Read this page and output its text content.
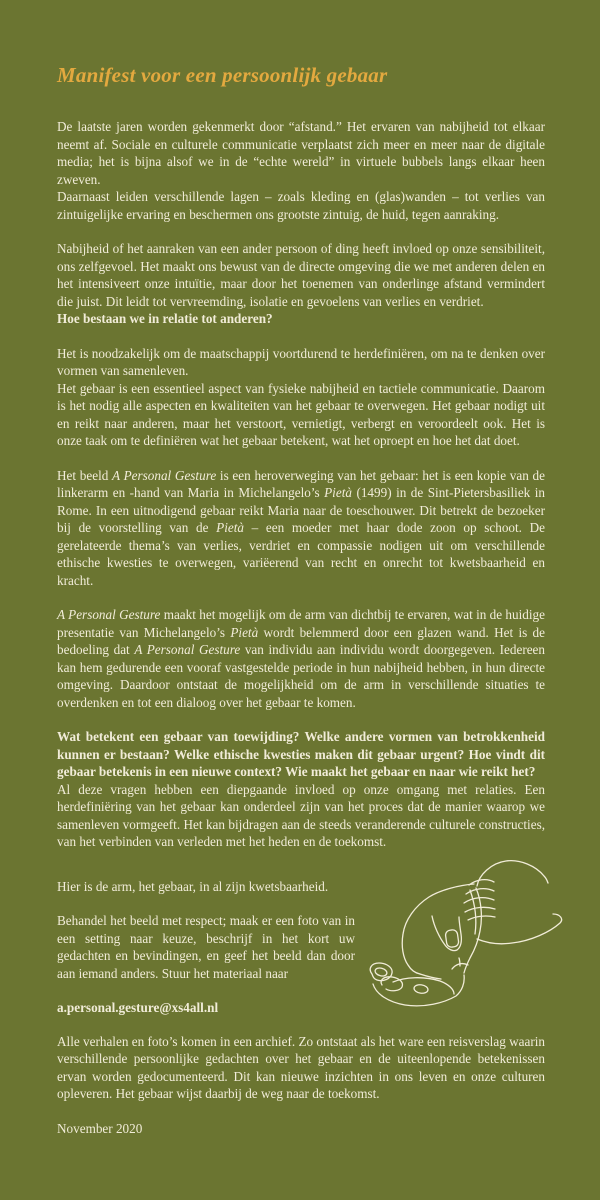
Manifest voor een persoonlijk gebaar

De laatste jaren worden gekenmerkt door “afstand.” Het ervaren van nabijheid tot elkaar neemt af. Sociale en culturele communicatie verplaatst zich meer en meer naar de digitale media; het is bijna alsof we in de “echte wereld” in virtuele bubbels langs elkaar heen zweven.

Daarnaast leiden verschillende lagen – zoals kleding en (glas)wanden – tot verlies van zintuigelijke ervaring en beschermen ons grootste zintuig, de huid, tegen aanraking.

Nabijheid of het aanraken van een ander persoon of ding heeft invloed op onze sensibiliteit, ons zelfgevoel. Het maakt ons bewust van de directe omgeving die we met anderen delen en het intensiveert onze intuïtie, maar door het toenemen van onderlinge afstand vermindert die juist. Dit leidt tot vervreemding, isolatie en gevoelens van verlies en verdriet.

Hoe bestaan we in relatie tot anderen?

Het is noodzakelijk om de maatschappij voortdurend te herdefiniëren, om na te denken over vormen van samenleven.

Het gebaar is een essentieel aspect van fysieke nabijheid en tactiele communicatie. Daarom is het nodig alle aspecten en kwaliteiten van het gebaar te overwegen. Het gebaar nodigt uit en reikt naar anderen, maar het verstoort, vernietigt, verbergt en veroordeelt ook. Het is onze taak om te definiëren wat het gebaar betekent, wat het oproept en hoe het dat doet.

Het beeld A Personal Gesture is een heroverweging van het gebaar: het is een kopie van de linkerarm en -hand van Maria in Michelangelo’s Pietà (1499) in de Sint-Pietersbasiliek in Rome. In een uitnodigend gebaar reikt Maria naar de toeschouwer. Dit betrekt de bezoeker bij de voorstelling van de Pietà – een moeder met haar dode zoon op schoot. De gerelateerde thema’s van verlies, verdriet en compassie nodigen uit om verschillende ethische kwesties te overwegen, variëerend van recht en onrecht tot kwetsbaarheid en kracht.

A Personal Gesture maakt het mogelijk om de arm van dichtbij te ervaren, wat in de huidige presentatie van Michelangelo’s Pietà wordt belemmerd door een glazen wand. Het is de bedoeling dat A Personal Gesture van individu aan individu wordt doorgegeven. Iedereen kan hem gedurende een vooraf vastgestelde periode in hun nabijheid hebben, in hun directe omgeving. Daardoor ontstaat de mogelijkheid om de arm in verschillende situaties te overdenken en tot een dialoog over het gebaar te komen.

Wat betekent een gebaar van toewijding? Welke andere vormen van betrokkenheid kunnen er bestaan? Welke ethische kwesties maken dit gebaar urgent? Hoe vindt dit gebaar betekenis in een nieuwe context? Wie maakt het gebaar en naar wie reikt het?

Al deze vragen hebben een diepgaande invloed op onze omgang met relaties. Een herdefiniëring van het gebaar kan onderdeel zijn van het proces dat de manier waarop we samenleven vormgeeft. Het kan bijdragen aan de steeds veranderende culturele constructies, van het verbinden van verleden met het heden en de toekomst.

Hier is de arm, het gebaar, in al zijn kwetsbaarheid.

Behandel het beeld met respect; maak er een foto van in een setting naar keuze, beschrijf in het kort uw gedachten en bevindingen, en geef het beeld dan door aan iemand anders. Stuur het materiaal naar

a.personal.gesture@xs4all.nl

Alle verhalen en foto’s komen in een archief. Zo ontstaat als het ware een reisverslag waarin verschillende persoonlijke gedachten over het gebaar en de uiteenlopende betekenissen ervan worden gedocumenteerd. Dit kan nieuwe inzichten in ons leven en onze culturen opleveren. Het gebaar wijst daarbij de weg naar de toekomst.

November 2020
